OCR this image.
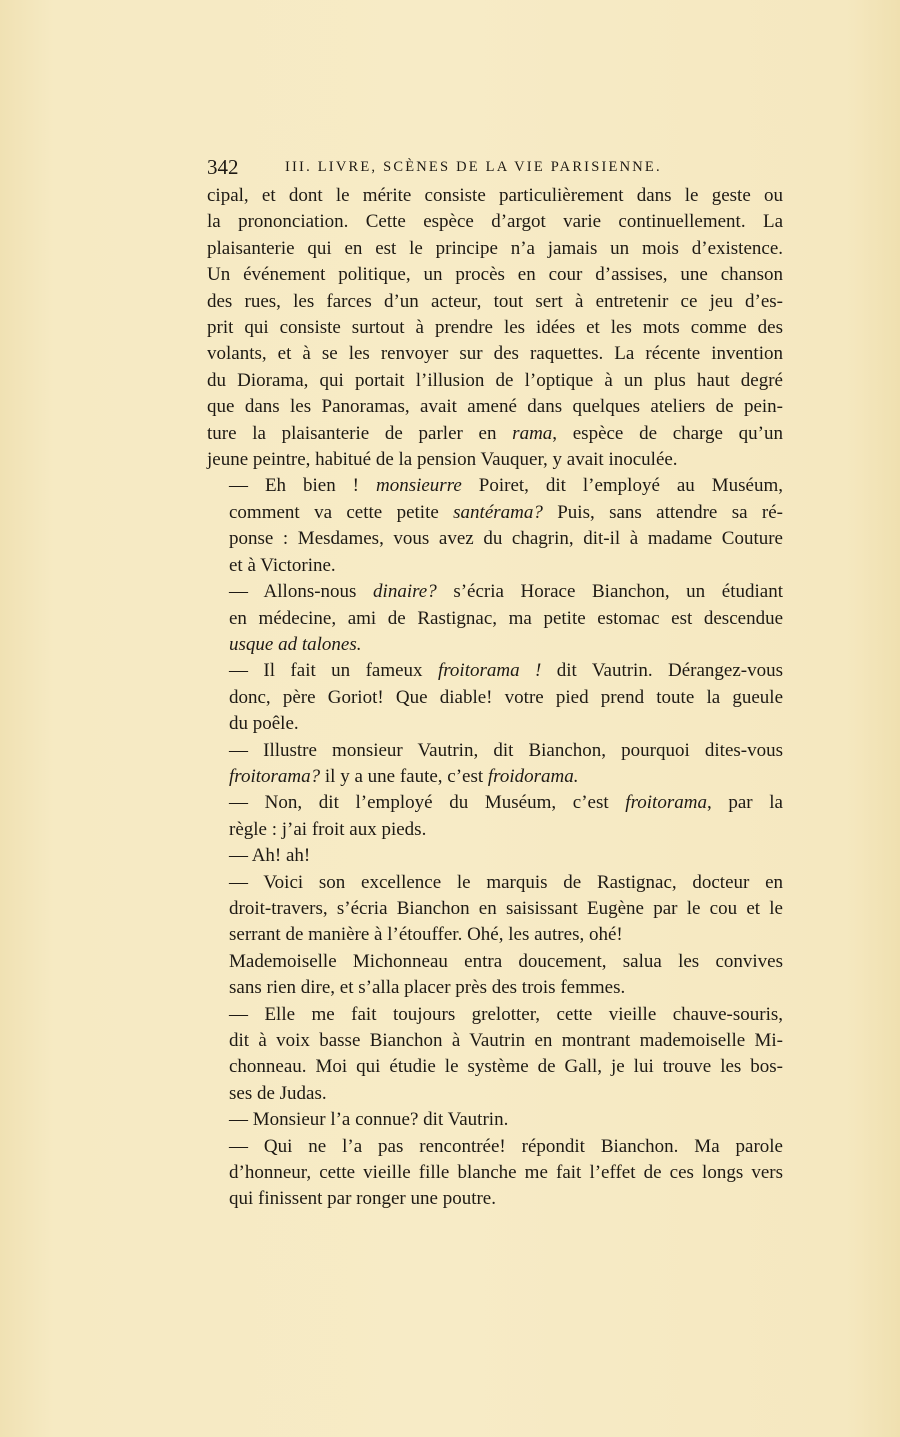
342	III. LIVRE, SCÈNES DE LA VIE PARISIENNE.

cipal, et dont le mérite consiste particulièrement dans le geste ou
la prononciation. Cette espèce d’argot varie continuellement. La
plaisanterie qui en est le principe n’a jamais un mois d’existence.
Un événement politique, un procès en cour d’assises, une chanson
des rues, les farces d’un acteur, tout sert à entretenir ce jeu d’es-
prit qui consiste surtout à prendre les idées et les mots comme des
volants, et à se les renvoyer sur des raquettes. La récente invention
du Diorama, qui portait l’illusion de l’optique à un plus haut degré
que dans les Panoramas, avait amené dans quelques ateliers de pein-
ture la plaisanterie de parler en rama, espèce de charge qu’un
jeune peintre, habitué de la pension Vauquer, y avait inoculée.

— Eh bien ! monsieurre Poiret, dit l’employé au Muséum,
comment va cette petite santérama? Puis, sans attendre sa ré-
ponse : Mesdames, vous avez du chagrin, dit-il à madame Couture
et à Victorine.

— Allons-nous dinaire? s’écria Horace Bianchon, un étudiant
en médecine, ami de Rastignac, ma petite estomac est descendue
usque ad talones.

— Il fait un fameux froitorama ! dit Vautrin. Dérangez-vous
donc, père Goriot! Que diable! votre pied prend toute la gueule
du poêle.

— Illustre monsieur Vautrin, dit Bianchon, pourquoi dites-vous
froitorama? il y a une faute, c’est froidorama.

— Non, dit l’employé du Muséum, c’est froitorama, par la
règle : j’ai froit aux pieds.

— Ah! ah!

— Voici son excellence le marquis de Rastignac, docteur en
droit-travers, s’écria Bianchon en saisissant Eugène par le cou et le
serrant de manière à l’étouffer. Ohé, les autres, ohé!

Mademoiselle Michonneau entra doucement, salua les convives
sans rien dire, et s’alla placer près des trois femmes.

— Elle me fait toujours grelotter, cette vieille chauve-souris,
dit à voix basse Bianchon à Vautrin en montrant mademoiselle Mi-
chonneau. Moi qui étudie le système de Gall, je lui trouve les bos-
ses de Judas.

— Monsieur l’a connue? dit Vautrin.

— Qui ne l’a pas rencontrée! répondit Bianchon. Ma parole
d’honneur, cette vieille fille blanche me fait l’effet de ces longs vers
qui finissent par ronger une poutre.
